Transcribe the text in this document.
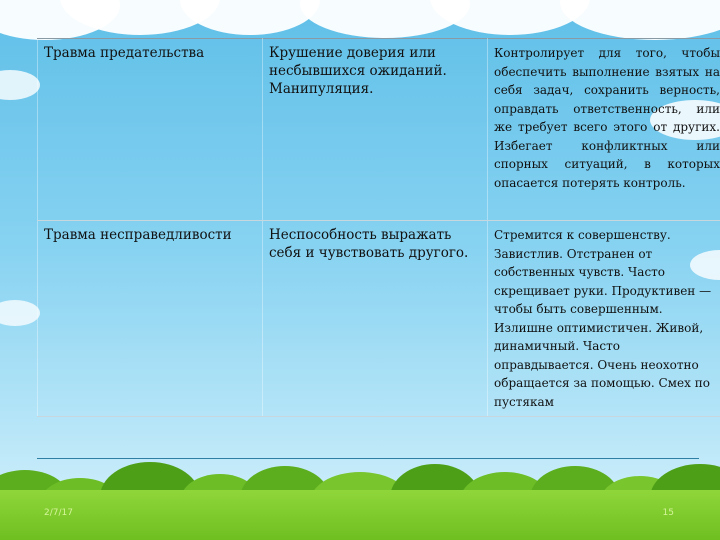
Травма предательства	Крушение доверия или несбывшихся ожиданий. Манипуляция.	Контролирует для того, чтобы обеспечить выполнение взятых на себя задач, сохранить верность, оправдать ответственность, или же требует всего этого от других. Избегает конфликтных или спорных ситуаций, в которых опасается потерять контроль.
Травма несправедливости	Неспособность выражать себя и чувствовать другого.	Стремится к совершенству. Завистлив. Отстранен от собственных чувств. Часто скрещивает руки. Продуктивен — чтобы быть совершенным. Излишне оптимистичен. Живой, динамичный. Часто оправдывается. Очень неохотно обращается за помощью. Смех по пустякам
2/7/17	15
